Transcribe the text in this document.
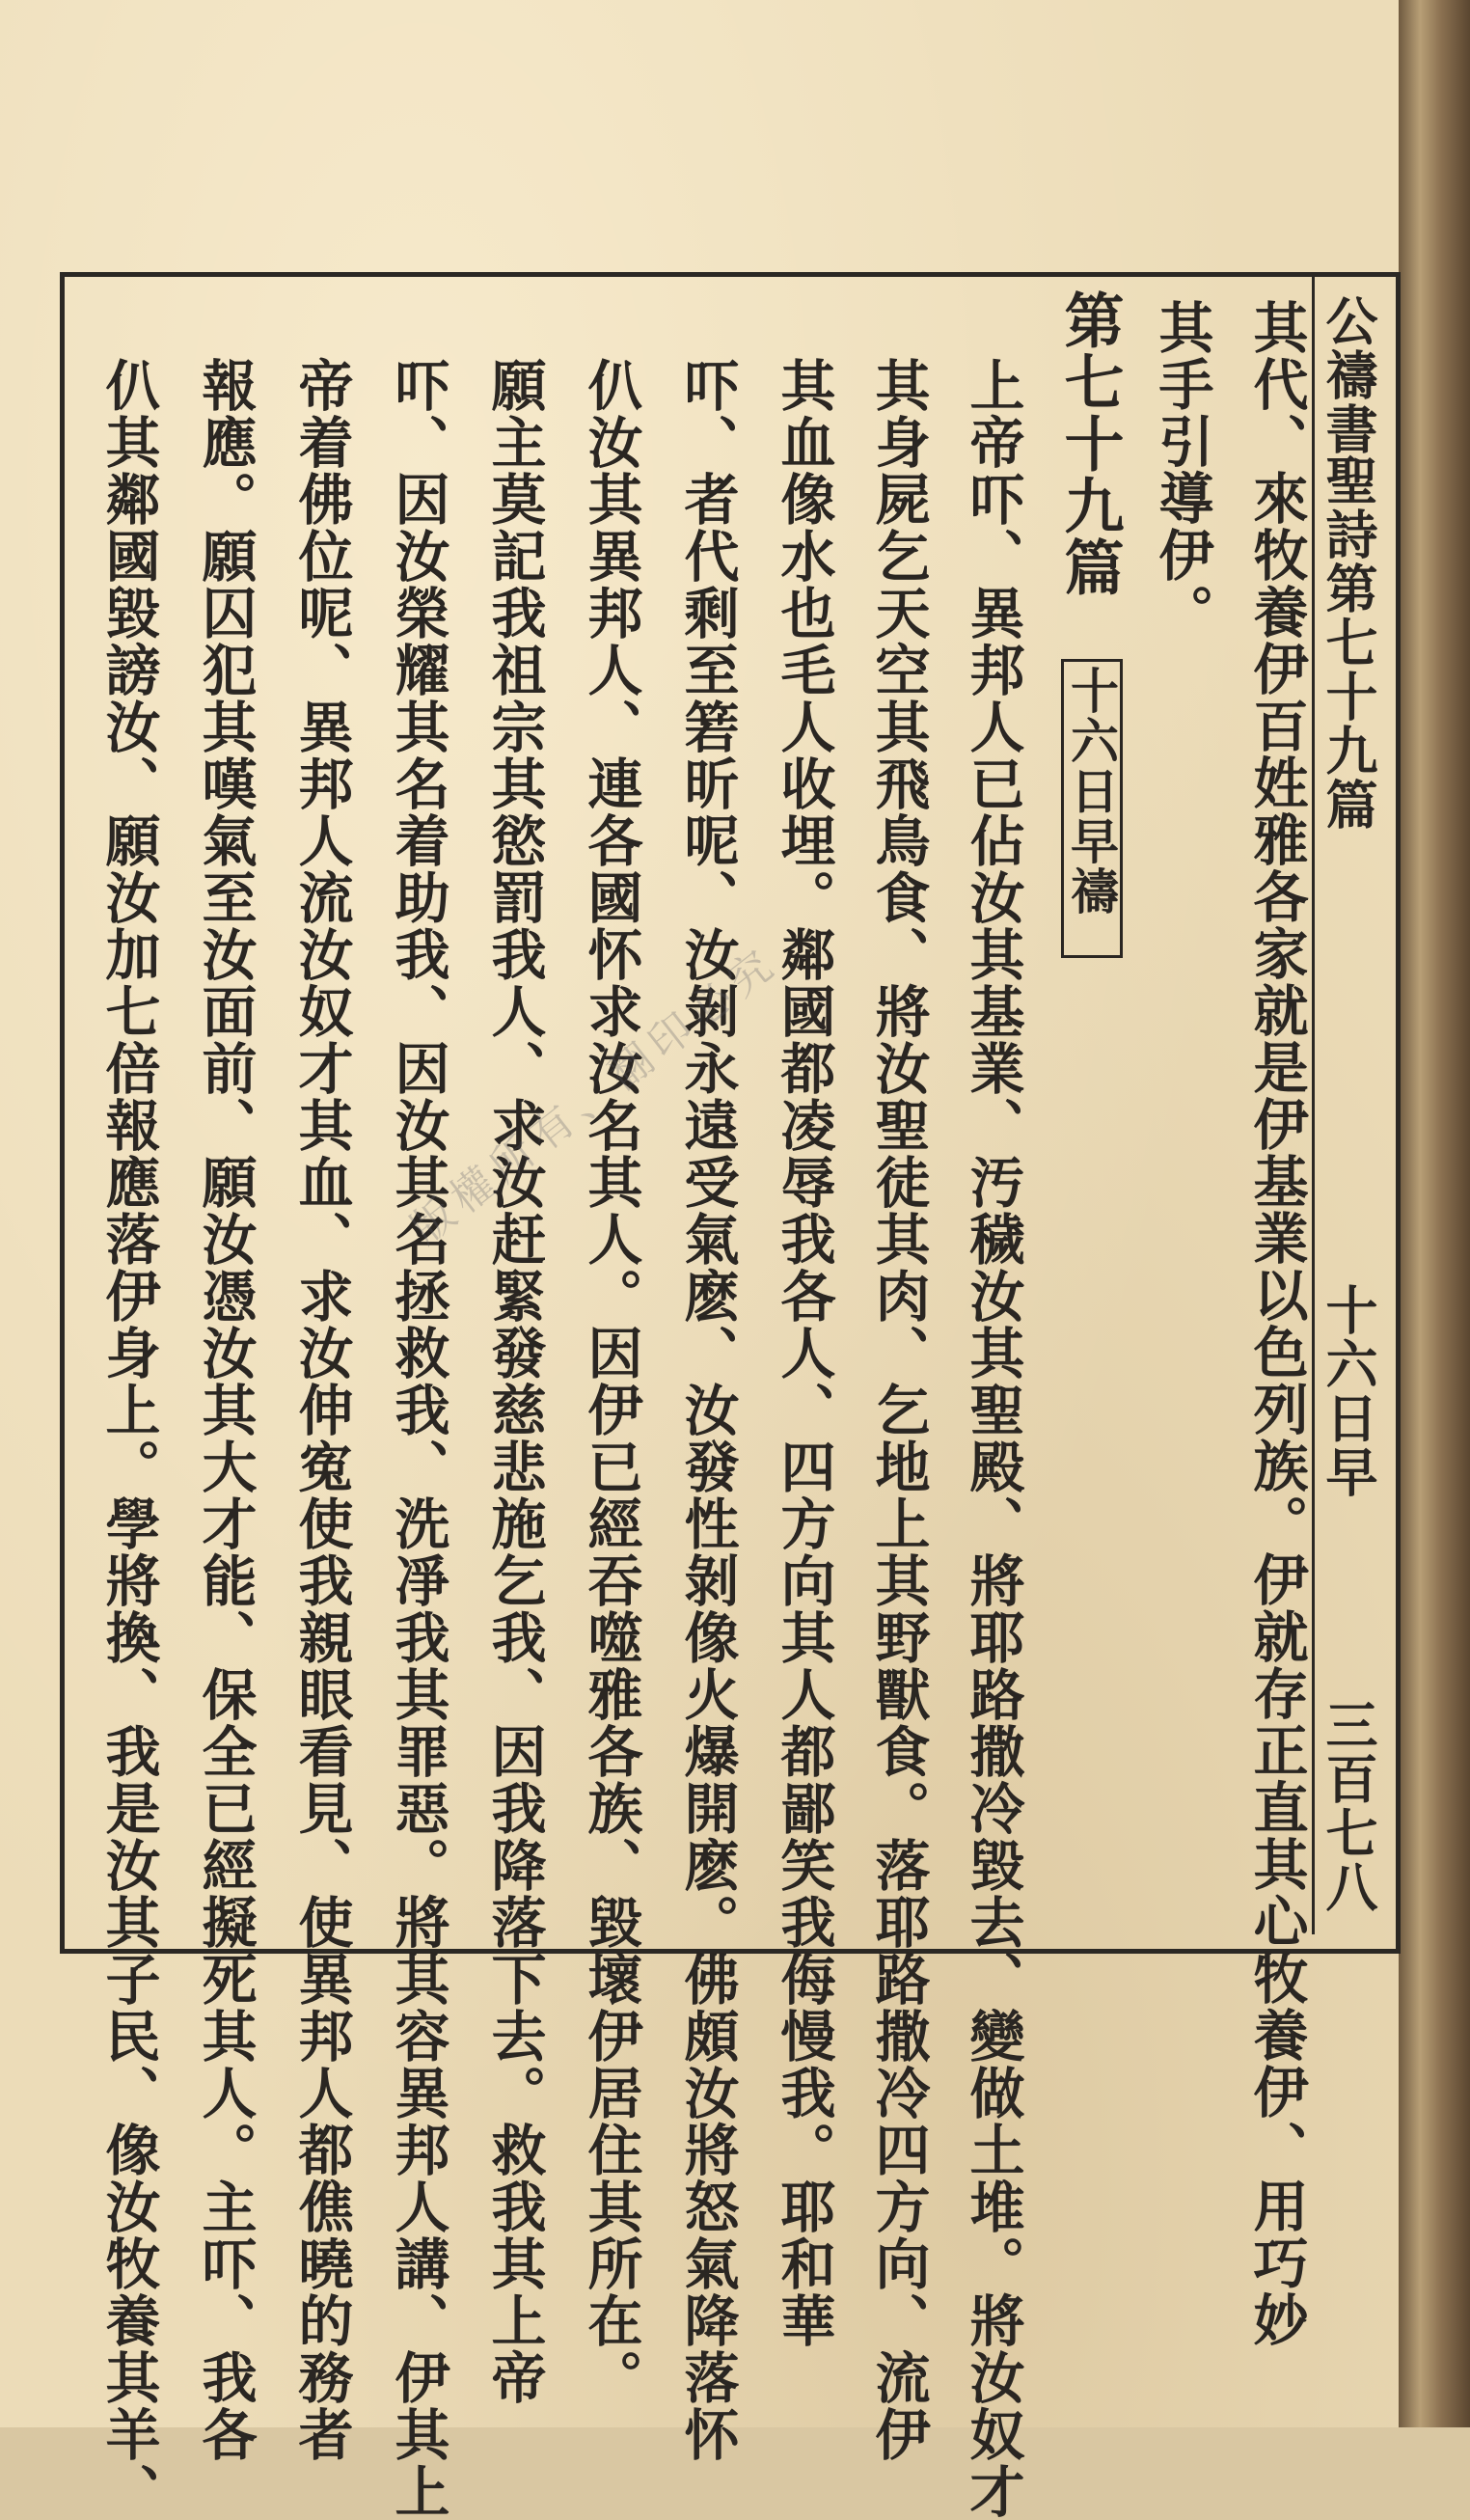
公禱書
聖詩第七十九篇
十六日早
三百七八
其代、來牧養伊百姓雅各家就是伊基業以色列族。伊就存正直其心牧養伊、用巧妙
其手引導伊。
第七十九篇
十六日早禱
上帝吓、異邦人已佔汝其基業、汚穢汝其聖殿、將耶路撒冷毀去、變做土堆。將汝奴才
其身屍乞天空其飛鳥食、將汝聖徒其肉、乞地上其野獸食。落耶路撒冷四方向、流伊
其血像水也毛人收埋。鄰國都凌辱我各人、四方向其人都鄙笑我侮慢我。耶和華
吓、者代剩至箬昕呢、汝剝永遠受氣麽、汝發性剝像火爆開麽。佛頗汝將怒氣降落怀
仈汝其異邦人、連各國怀求汝名其人。因伊已經吞噬雅各族、毀壞伊居住其所在。
願主莫記我祖宗其慾罰我人、求汝赶緊發慈悲施乞我、因我降落下去。救我其上帝
吓、因汝榮耀其名着助我、因汝其名拯救我、洗凈我其罪惡。將其容異邦人講、伊其上
帝着佛位呢、異邦人流汝奴才其血、求汝伸寃使我親眼看見、使異邦人都僬曉的務者
報應。願囚犯其嘆氣至汝面前、願汝憑汝其大才能、保全已經擬死其人。主吓、我各
仈其鄰國毀謗汝、願汝加七倍報應落伊身上。學將換、我是汝其子民、像汝牧養其羊、	版權所有、翻印必究
